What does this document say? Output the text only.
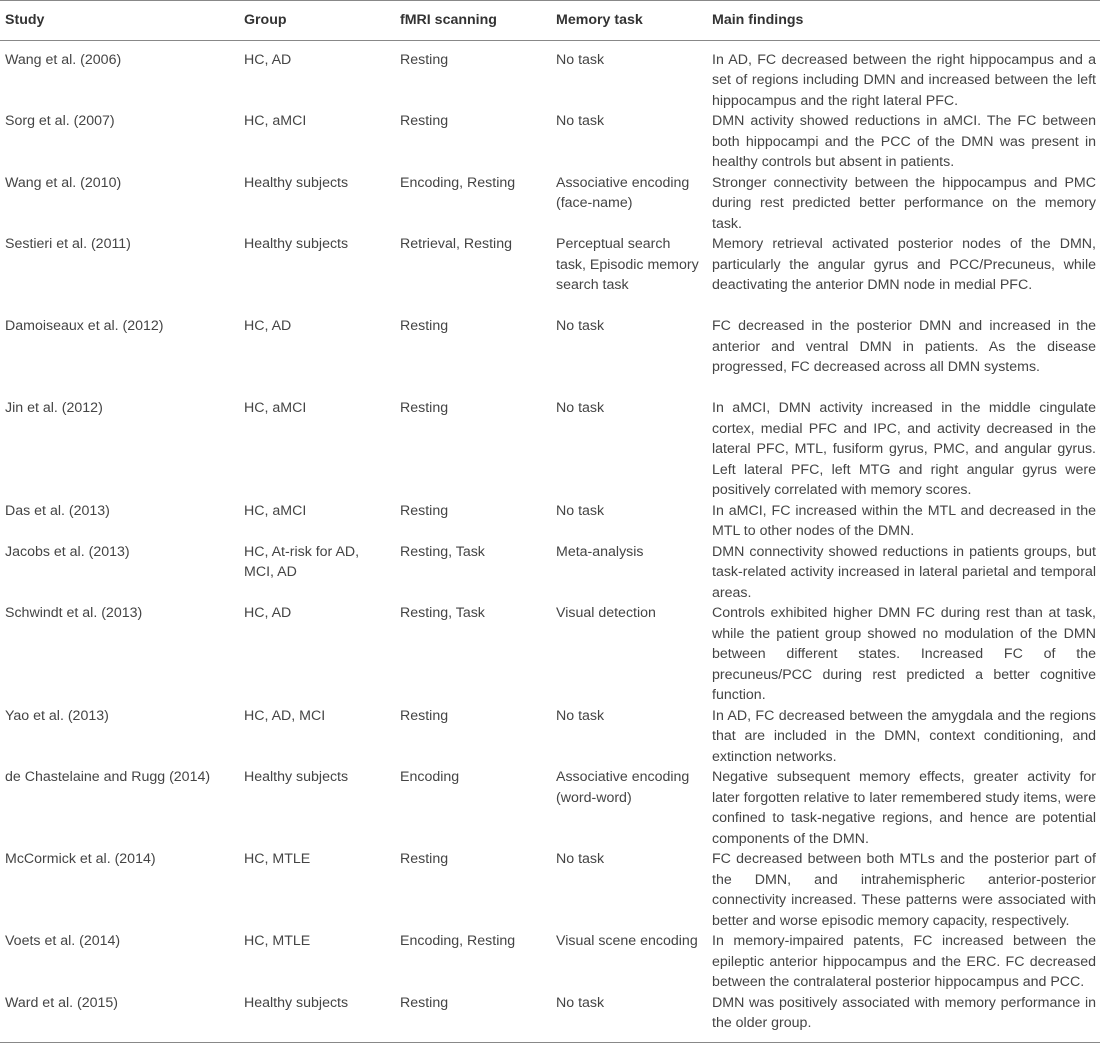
Study	Group	fMRI scanning	Memory task	Main findings
Wang et al. (2006)	HC, AD	Resting	No task	In AD, FC decreased between the right hippocampus and a set of regions including DMN and increased between the left hippocampus and the right lateral PFC.
Sorg et al. (2007)	HC, aMCI	Resting	No task	DMN activity showed reductions in aMCI. The FC between both hippocampi and the PCC of the DMN was present in healthy controls but absent in patients.
Wang et al. (2010)	Healthy subjects	Encoding, Resting	Associative encoding (face-name)	Stronger connectivity between the hippocampus and PMC during rest predicted better performance on the memory task.
Sestieri et al. (2011)	Healthy subjects	Retrieval, Resting	Perceptual search task, Episodic memory search task	Memory retrieval activated posterior nodes of the DMN, particularly the angular gyrus and PCC/Precuneus, while deactivating the anterior DMN node in medial PFC.
Damoiseaux et al. (2012)	HC, AD	Resting	No task	FC decreased in the posterior DMN and increased in the anterior and ventral DMN in patients. As the disease progressed, FC decreased across all DMN systems.
Jin et al. (2012)	HC, aMCI	Resting	No task	In aMCI, DMN activity increased in the middle cingulate cortex, medial PFC and IPC, and activity decreased in the lateral PFC, MTL, fusiform gyrus, PMC, and angular gyrus. Left lateral PFC, left MTG and right angular gyrus were positively correlated with memory scores.
Das et al. (2013)	HC, aMCI	Resting	No task	In aMCI, FC increased within the MTL and decreased in the MTL to other nodes of the DMN.
Jacobs et al. (2013)	HC, At-risk for AD, MCI, AD	Resting, Task	Meta-analysis	DMN connectivity showed reductions in patients groups, but task-related activity increased in lateral parietal and temporal areas.
Schwindt et al. (2013)	HC, AD	Resting, Task	Visual detection	Controls exhibited higher DMN FC during rest than at task, while the patient group showed no modulation of the DMN between different states. Increased FC of the precuneus/PCC during rest predicted a better cognitive function.
Yao et al. (2013)	HC, AD, MCI	Resting	No task	In AD, FC decreased between the amygdala and the regions that are included in the DMN, context conditioning, and extinction networks.
de Chastelaine and Rugg (2014)	Healthy subjects	Encoding	Associative encoding (word-word)	Negative subsequent memory effects, greater activity for later forgotten relative to later remembered study items, were confined to task-negative regions, and hence are potential components of the DMN.
McCormick et al. (2014)	HC, MTLE	Resting	No task	FC decreased between both MTLs and the posterior part of the DMN, and intrahemispheric anterior-posterior connectivity increased. These patterns were associated with better and worse episodic memory capacity, respectively.
Voets et al. (2014)	HC, MTLE	Encoding, Resting	Visual scene encoding	In memory-impaired patents, FC increased between the epileptic anterior hippocampus and the ERC. FC decreased between the contralateral posterior hippocampus and PCC.
Ward et al. (2015)	Healthy subjects	Resting	No task	DMN was positively associated with memory performance in the older group.
